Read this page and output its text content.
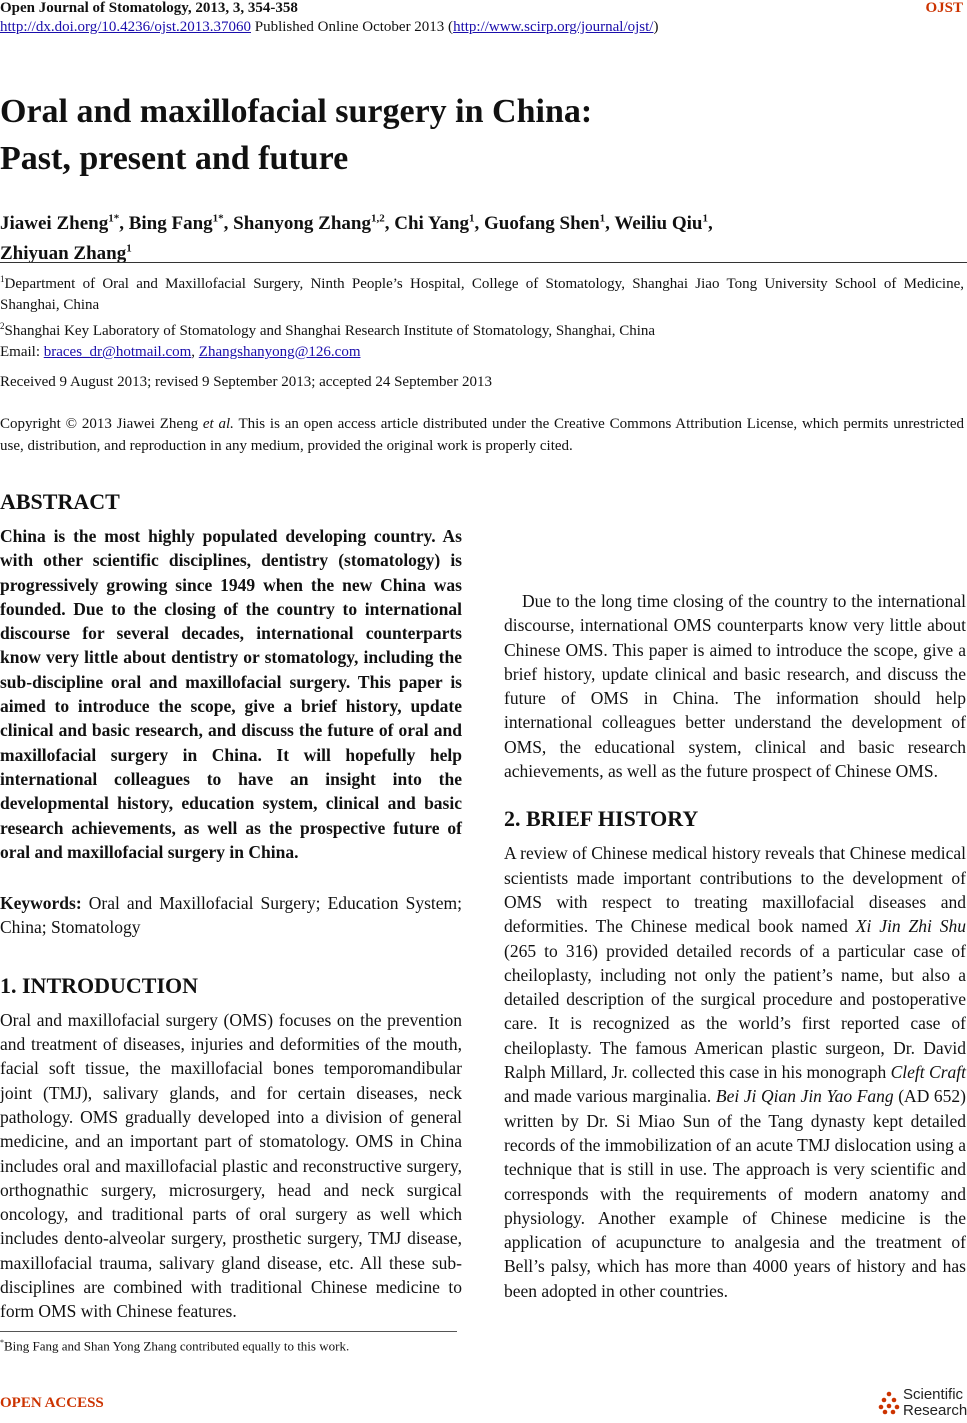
Open Journal of Stomatology, 2013, 3, 354-358	OJST
http://dx.doi.org/10.4236/ojst.2013.37060 Published Online October 2013 (http://www.scirp.org/journal/ojst/)
Oral and maxillofacial surgery in China:
Past, present and future
Jiawei Zheng$^{1*}$, Bing Fang$^{1*}$, Shanyong Zhang$^{1,2}$, Chi Yang$^1$, Guofang Shen$^1$, Weiliu Qiu$^1$,
Zhiyuan Zhang$^1$

$^1$Department of Oral and Maxillofacial Surgery, Ninth People’s Hospital, College of Stomatology, Shanghai Jiao Tong University School of Medicine, Shanghai, China

$^2$Shanghai Key Laboratory of Stomatology and Shanghai Research Institute of Stomatology, Shanghai, China

Email: braces_dr@hotmail.com, Zhangshanyong@126.com

Received 9 August 2013; revised 9 September 2013; accepted 24 September 2013
Copyright © 2013 Jiawei Zheng et al. This is an open access article distributed under the Creative Commons Attribution License, which permits unrestricted use, distribution, and reproduction in any medium, provided the original work is properly cited.
ABSTRACT

China is the most highly populated developing country. As with other scientific disciplines, dentistry (stomatology) is progressively growing since 1949 when the new China was founded. Due to the closing of the country to international discourse for several decades, international counterparts know very little about dentistry or stomatology, including the sub-discipline oral and maxillofacial surgery. This paper is aimed to introduce the scope, give a brief history, update clinical and basic research, and discuss the future of oral and maxillofacial surgery in China. It will hopefully help international colleagues to have an insight into the developmental history, education system, clinical and basic research achievements, as well as the prospective future of oral and maxillofacial surgery in China.

Keywords: Oral and Maxillofacial Surgery; Education System; China; Stomatology

1. INTRODUCTION

Oral and maxillofacial surgery (OMS) focuses on the prevention and treatment of diseases, injuries and deformities of the mouth, facial soft tissue, the maxillofacial bones temporomandibular joint (TMJ), salivary glands, and for certain diseases, neck pathology. OMS gradually developed into a division of general medicine, and an important part of stomatology. OMS in China includes oral and maxillofacial plastic and reconstructive surgery, orthognathic surgery, microsurgery, head and neck surgical oncology, and traditional parts of oral surgery as well which includes dento-alveolar surgery, prosthetic surgery, TMJ disease, maxillofacial trauma, salivary gland disease, etc. All these sub-disciplines are combined with traditional Chinese medicine to form OMS with Chinese features.

Due to the long time closing of the country to the international discourse, international OMS counterparts know very little about Chinese OMS. This paper is aimed to introduce the scope, give a brief history, update clinical and basic research, and discuss the future of OMS in China. The information should help international colleagues better understand the development of OMS, the educational system, clinical and basic research achievements, as well as the future prospect of Chinese OMS.

2. BRIEF HISTORY

A review of Chinese medical history reveals that Chinese medical scientists made important contributions to the development of OMS with respect to treating maxillofacial diseases and deformities. The Chinese medical book named Xi Jin Zhi Shu (265 to 316) provided detailed records of a particular case of cheiloplasty, including not only the patient’s name, but also a detailed description of the surgical procedure and postoperative care. It is recognized as the world’s first reported case of cheiloplasty. The famous American plastic surgeon, Dr. David Ralph Millard, Jr. collected this case in his monograph Cleft Craft and made various marginalia. Bei Ji Qian Jin Yao Fang (AD 652) written by Dr. Si Miao Sun of the Tang dynasty kept detailed records of the immobilization of an acute TMJ dislocation using a technique that is still in use. The approach is very scientific and corresponds with the requirements of modern anatomy and physiology. Another example of Chinese medicine is the application of acupuncture to analgesia and the treatment of Bell’s palsy, which has more than 4000 years of history and has been adopted in other countries.

*Bing Fang and Shan Yong Zhang contributed equally to this work.
OPEN ACCESS	Scientific
Research
